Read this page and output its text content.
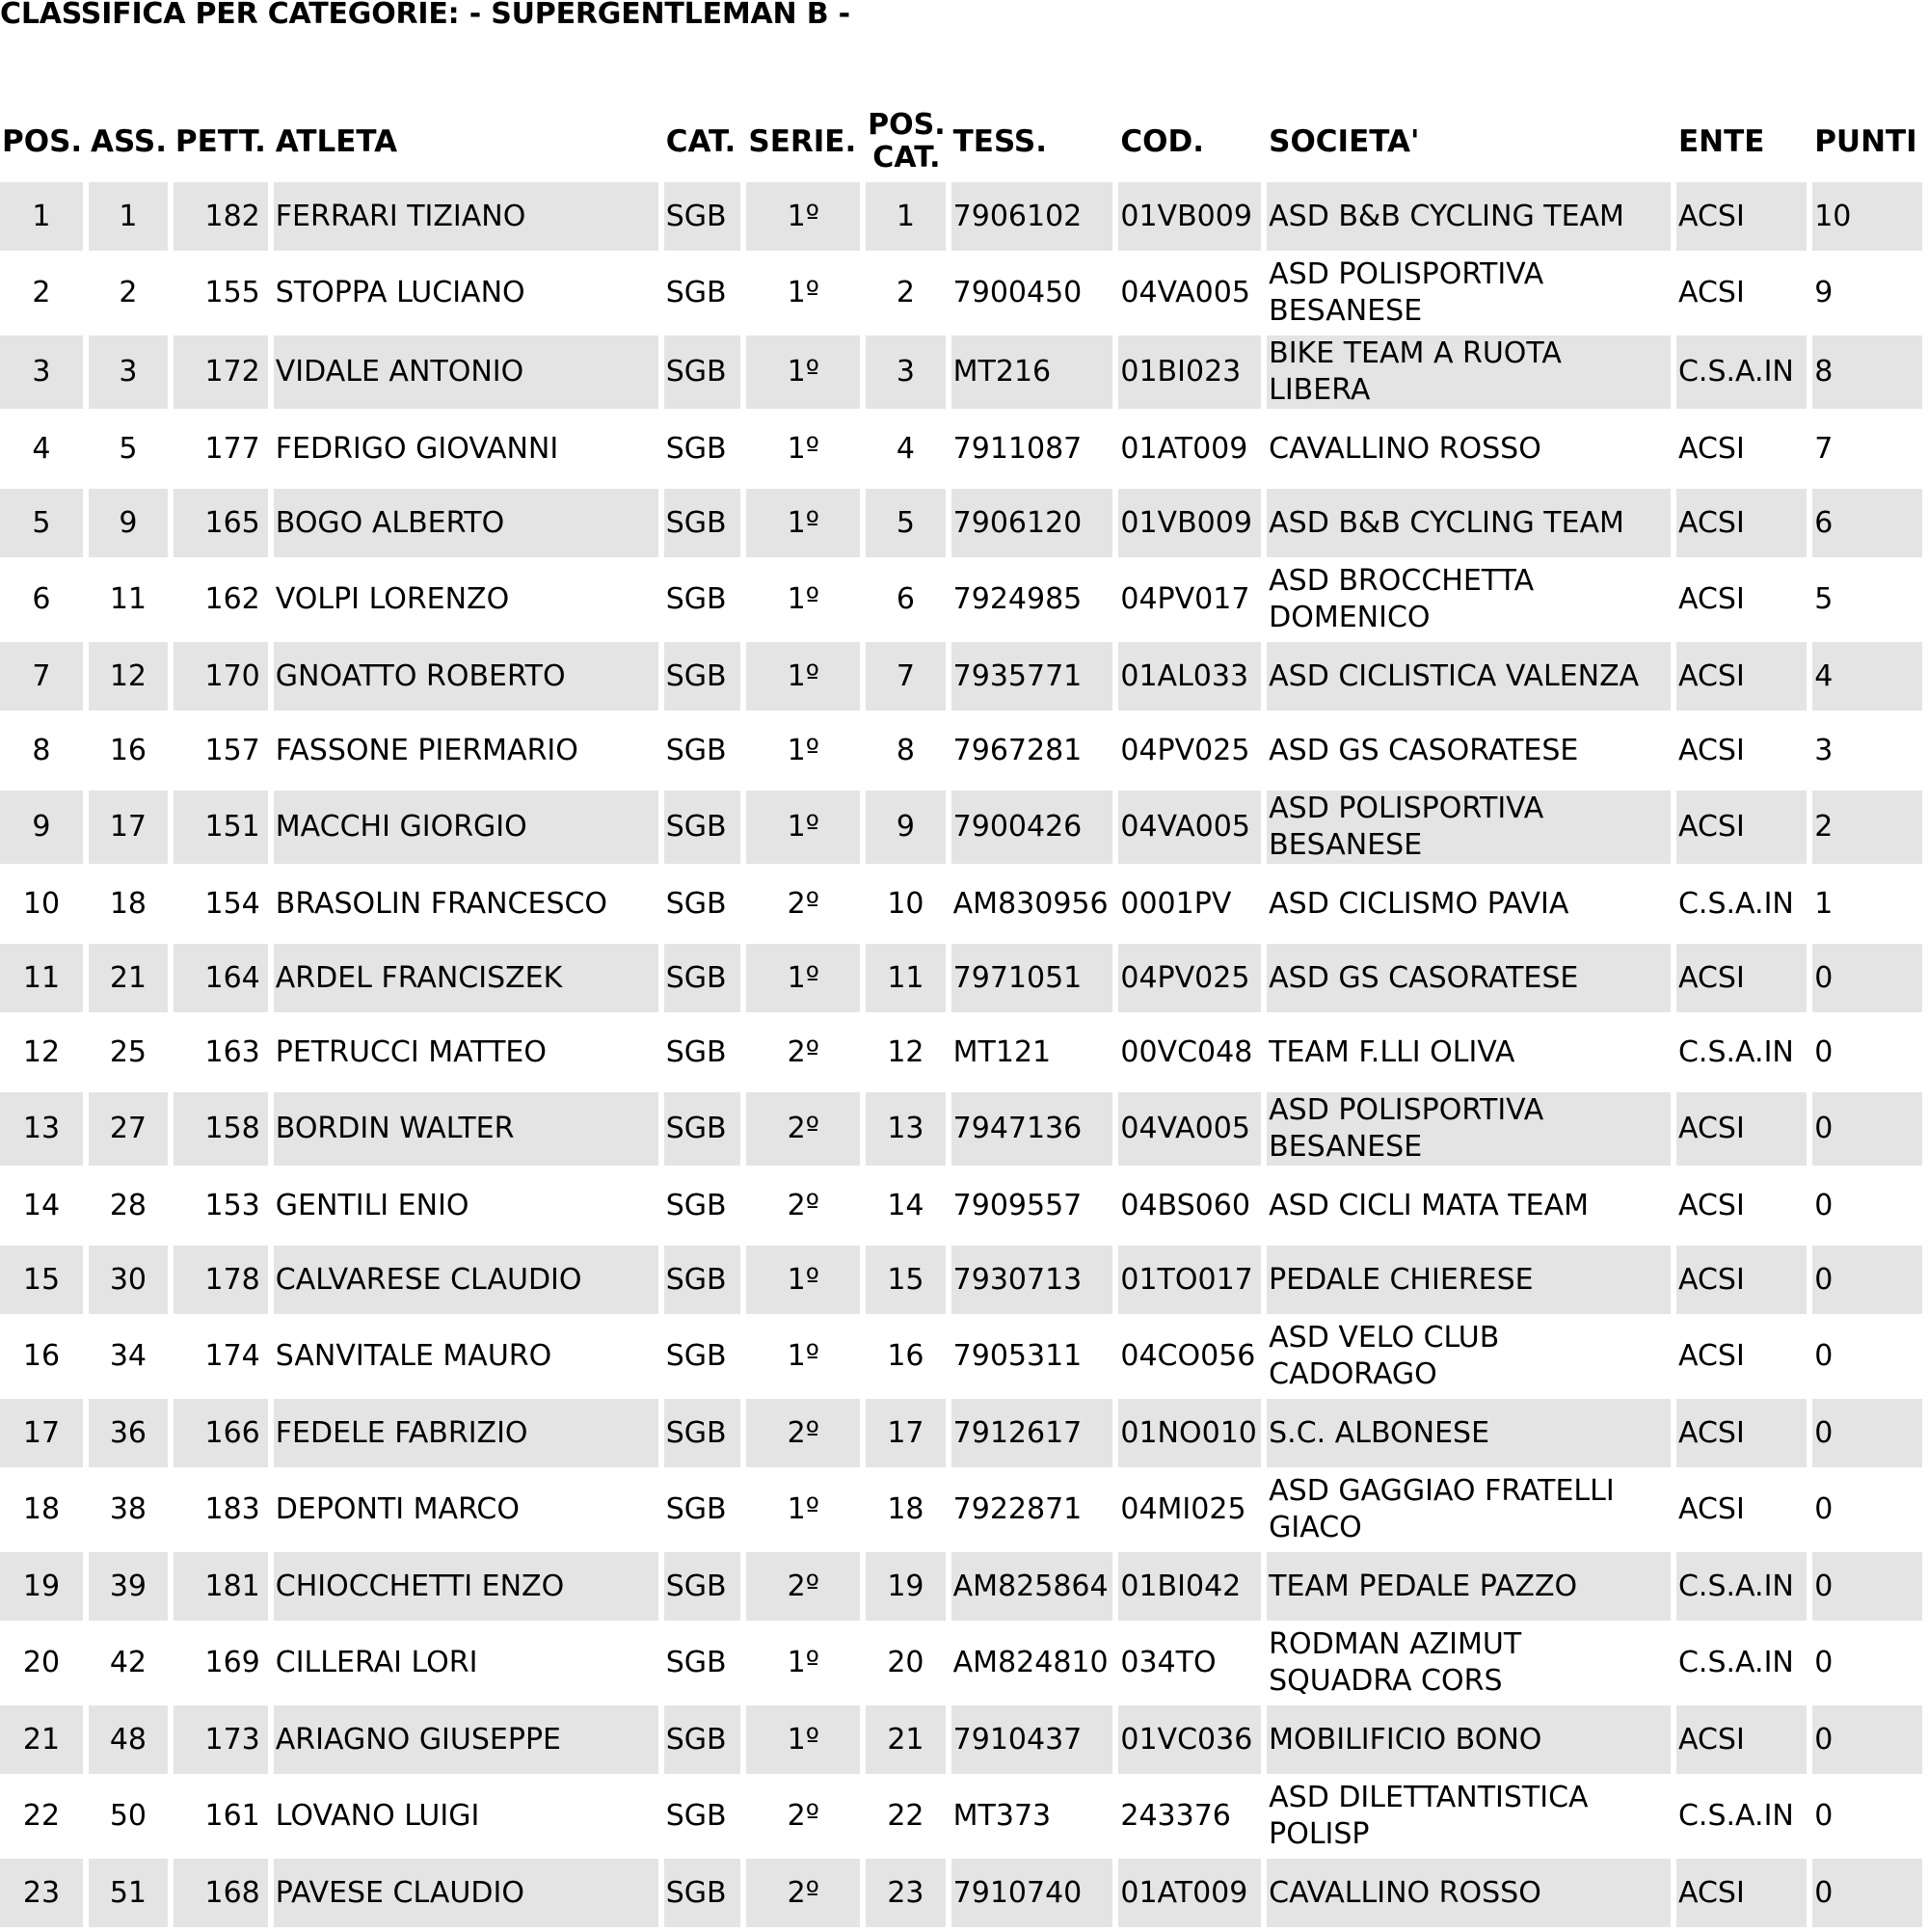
CLASSIFICA PER CATEGORIE: - SUPERGENTLEMAN B -
POS.	ASS.	PETT.	ATLETA	CAT.	SERIE.	POS. CAT.	TESS.	COD.	SOCIETA'	ENTE	PUNTI
1	1	182	FERRARI TIZIANO	SGB	1º	1	7906102	01VB009	ASD B&B CYCLING TEAM	ACSI	10
2	2	155	STOPPA LUCIANO	SGB	1º	2	7900450	04VA005	ASD POLISPORTIVA BESANESE	ACSI	9
3	3	172	VIDALE ANTONIO	SGB	1º	3	MT216	01BI023	BIKE TEAM A RUOTA LIBERA	C.S.A.IN	8
4	5	177	FEDRIGO GIOVANNI	SGB	1º	4	7911087	01AT009	CAVALLINO ROSSO	ACSI	7
5	9	165	BOGO ALBERTO	SGB	1º	5	7906120	01VB009	ASD B&B CYCLING TEAM	ACSI	6
6	11	162	VOLPI LORENZO	SGB	1º	6	7924985	04PV017	ASD BROCCHETTA DOMENICO	ACSI	5
7	12	170	GNOATTO ROBERTO	SGB	1º	7	7935771	01AL033	ASD CICLISTICA VALENZA	ACSI	4
8	16	157	FASSONE PIERMARIO	SGB	1º	8	7967281	04PV025	ASD GS CASORATESE	ACSI	3
9	17	151	MACCHI GIORGIO	SGB	1º	9	7900426	04VA005	ASD POLISPORTIVA BESANESE	ACSI	2
10	18	154	BRASOLIN FRANCESCO	SGB	2º	10	AM830956	0001PV	ASD CICLISMO PAVIA	C.S.A.IN	1
11	21	164	ARDEL FRANCISZEK	SGB	1º	11	7971051	04PV025	ASD GS CASORATESE	ACSI	0
12	25	163	PETRUCCI MATTEO	SGB	2º	12	MT121	00VC048	TEAM F.LLI OLIVA	C.S.A.IN	0
13	27	158	BORDIN WALTER	SGB	2º	13	7947136	04VA005	ASD POLISPORTIVA BESANESE	ACSI	0
14	28	153	GENTILI ENIO	SGB	2º	14	7909557	04BS060	ASD CICLI MATA TEAM	ACSI	0
15	30	178	CALVARESE CLAUDIO	SGB	1º	15	7930713	01TO017	PEDALE CHIERESE	ACSI	0
16	34	174	SANVITALE MAURO	SGB	1º	16	7905311	04CO056	ASD VELO CLUB CADORAGO	ACSI	0
17	36	166	FEDELE FABRIZIO	SGB	2º	17	7912617	01NO010	S.C. ALBONESE	ACSI	0
18	38	183	DEPONTI MARCO	SGB	1º	18	7922871	04MI025	ASD GAGGIAO FRATELLI GIACO	ACSI	0
19	39	181	CHIOCCHETTI ENZO	SGB	2º	19	AM825864	01BI042	TEAM PEDALE PAZZO	C.S.A.IN	0
20	42	169	CILLERAI LORI	SGB	1º	20	AM824810	034TO	RODMAN AZIMUT SQUADRA CORS	C.S.A.IN	0
21	48	173	ARIAGNO GIUSEPPE	SGB	1º	21	7910437	01VC036	MOBILIFICIO BONO	ACSI	0
22	50	161	LOVANO LUIGI	SGB	2º	22	MT373	243376	ASD DILETTANTISTICA POLISP	C.S.A.IN	0
23	51	168	PAVESE CLAUDIO	SGB	2º	23	7910740	01AT009	CAVALLINO ROSSO	ACSI	0
